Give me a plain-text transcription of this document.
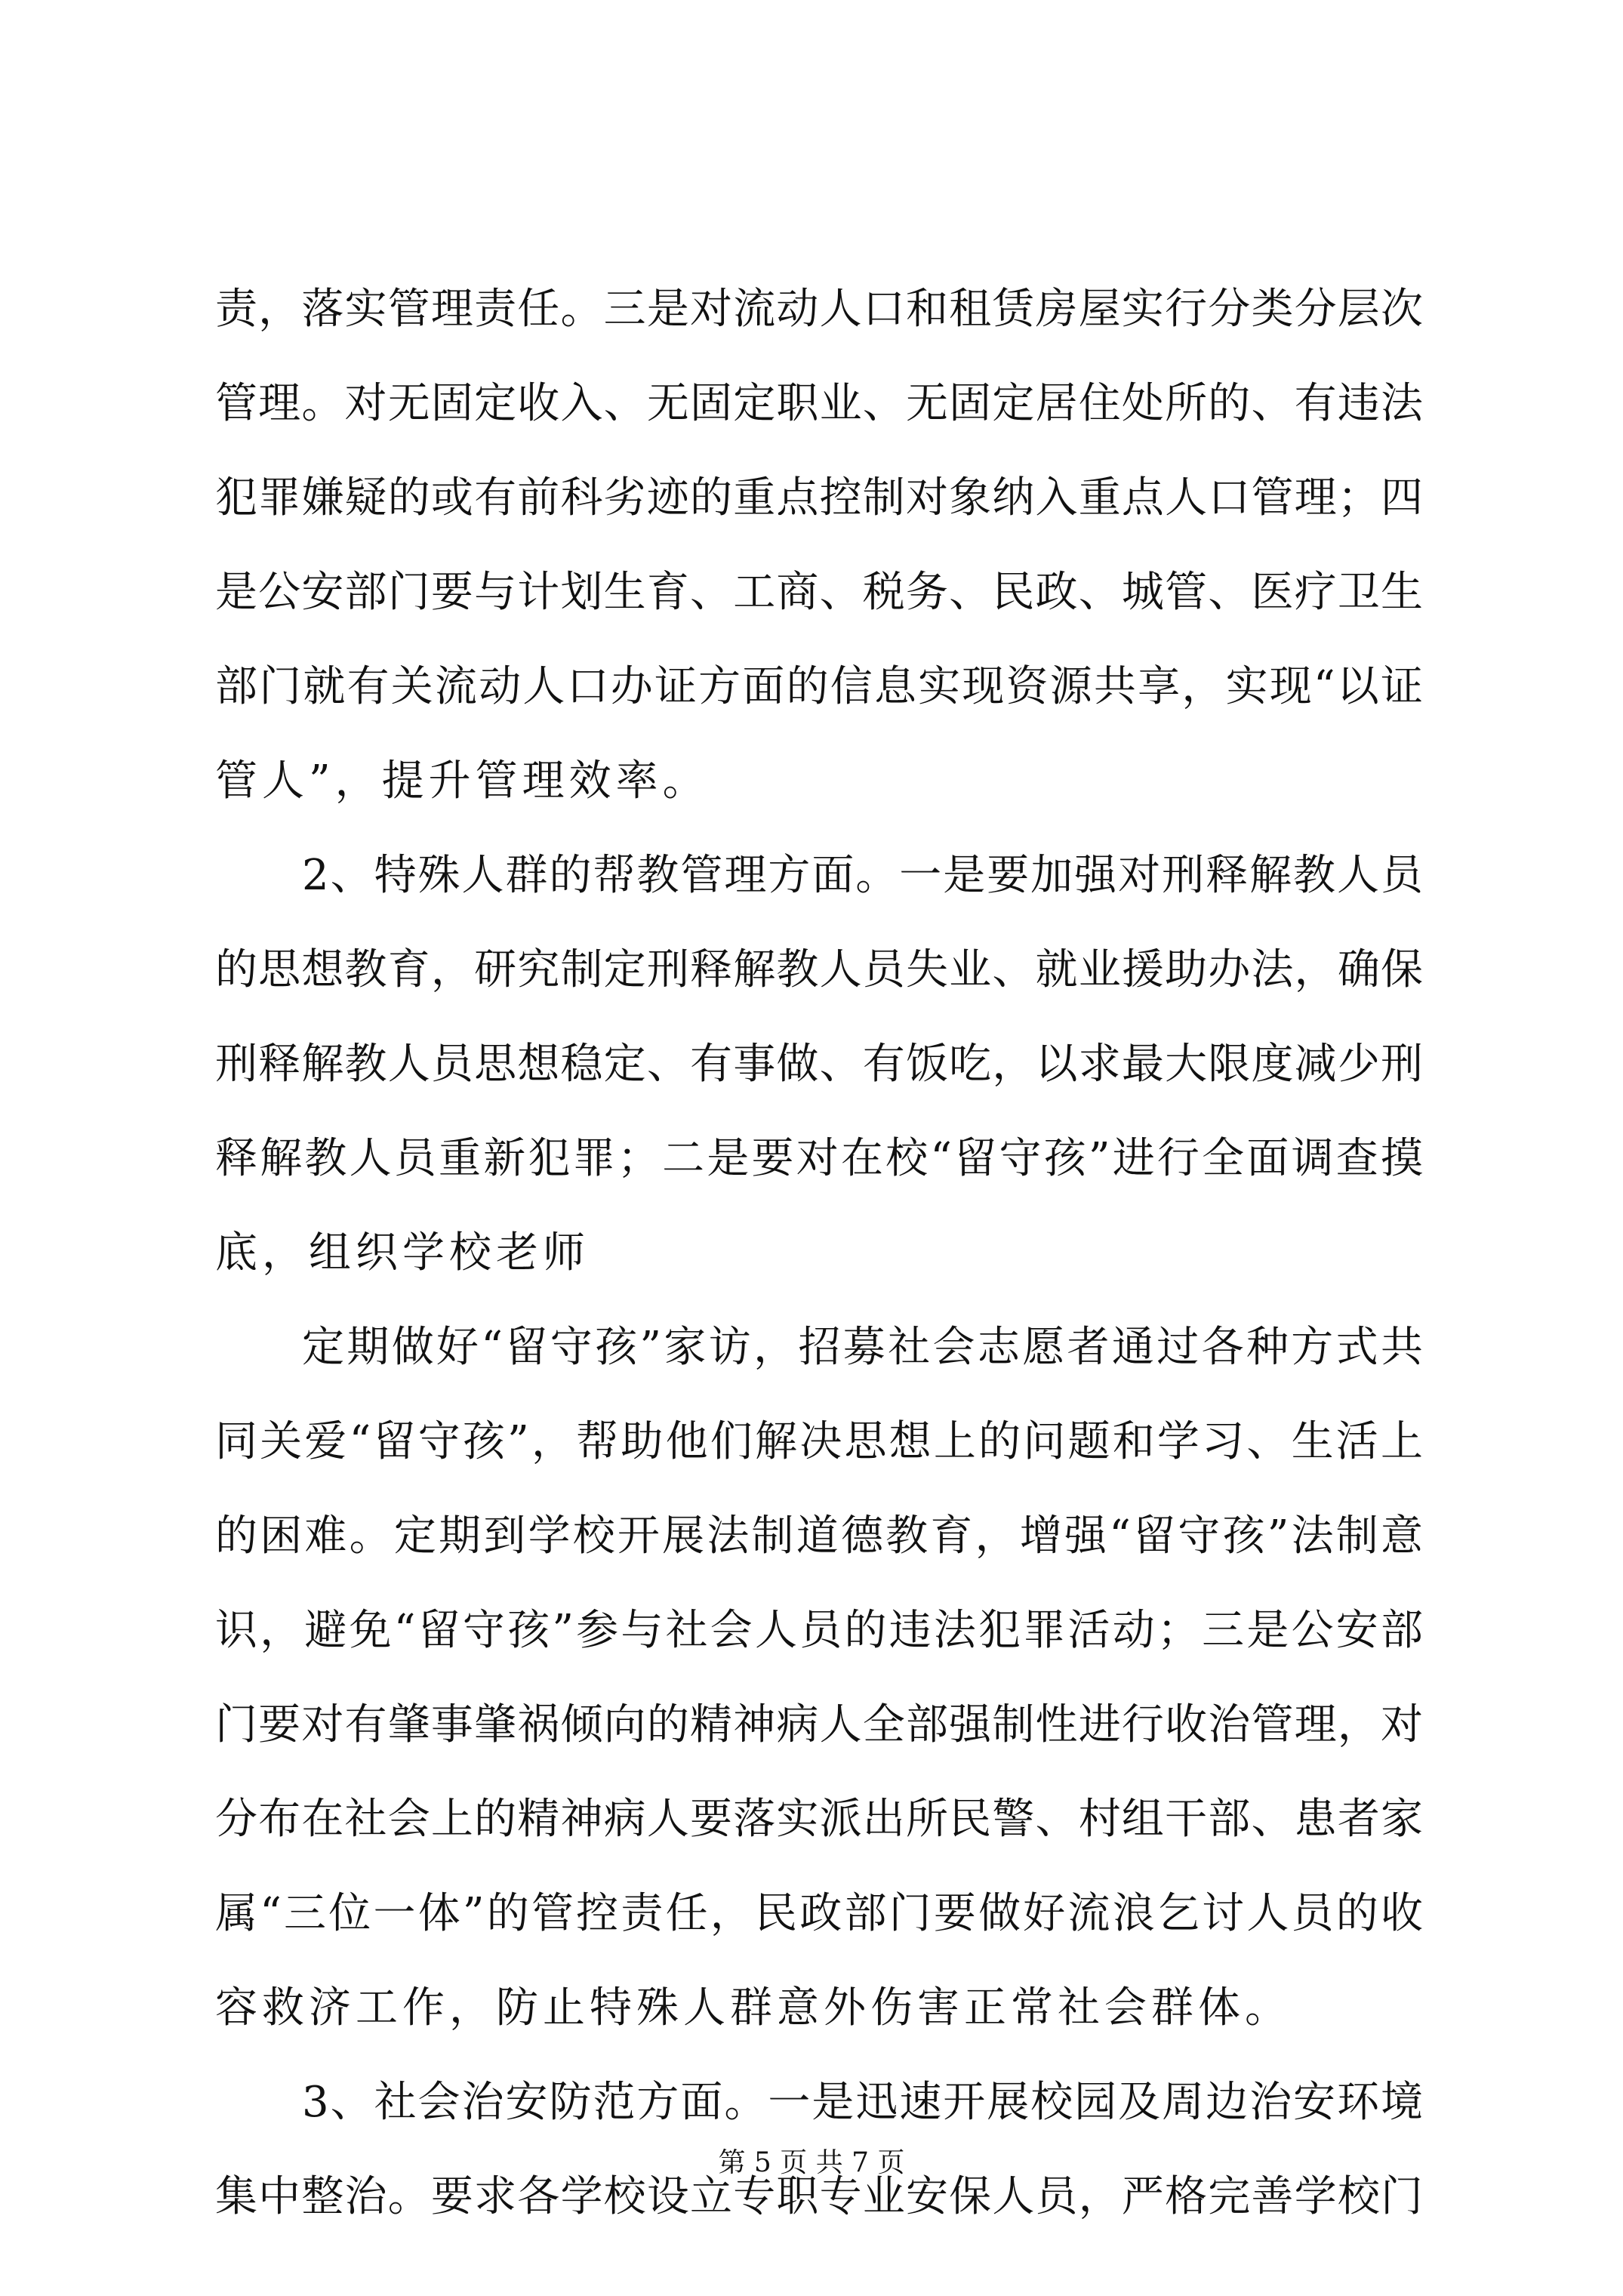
责，落实管理责任。三是对流动人口和租赁房屋实行分类分层次
管理。对无固定收入、无固定职业、无固定居住处所的、有违法
犯罪嫌疑的或有前科劣迹的重点控制对象纳入重点人口管理；四
是公安部门要与计划生育、工商、税务、民政、城管、医疗卫生
部门就有关流动人口办证方面的信息实现资源共享，实现“以证
管人”，提升管理效率。
2、特殊人群的帮教管理方面。一是要加强对刑释解教人员
的思想教育，研究制定刑释解教人员失业、就业援助办法，确保
刑释解教人员思想稳定、有事做、有饭吃，以求最大限度减少刑
释解教人员重新犯罪；二是要对在校“留守孩”进行全面调查摸
底，组织学校老师
定期做好“留守孩”家访，招募社会志愿者通过各种方式共
同关爱“留守孩”，帮助他们解决思想上的问题和学习、生活上
的困难。定期到学校开展法制道德教育，增强“留守孩”法制意
识，避免“留守孩”参与社会人员的违法犯罪活动；三是公安部
门要对有肇事肇祸倾向的精神病人全部强制性进行收治管理，对
分布在社会上的精神病人要落实派出所民警、村组干部、患者家
属“三位一体”的管控责任，民政部门要做好流浪乞讨人员的收
容救济工作，防止特殊人群意外伤害正常社会群体。
3、社会治安防范方面。一是迅速开展校园及周边治安环境
集中整治。要求各学校设立专职专业安保人员，严格完善学校门
第 5 页 共 7 页
